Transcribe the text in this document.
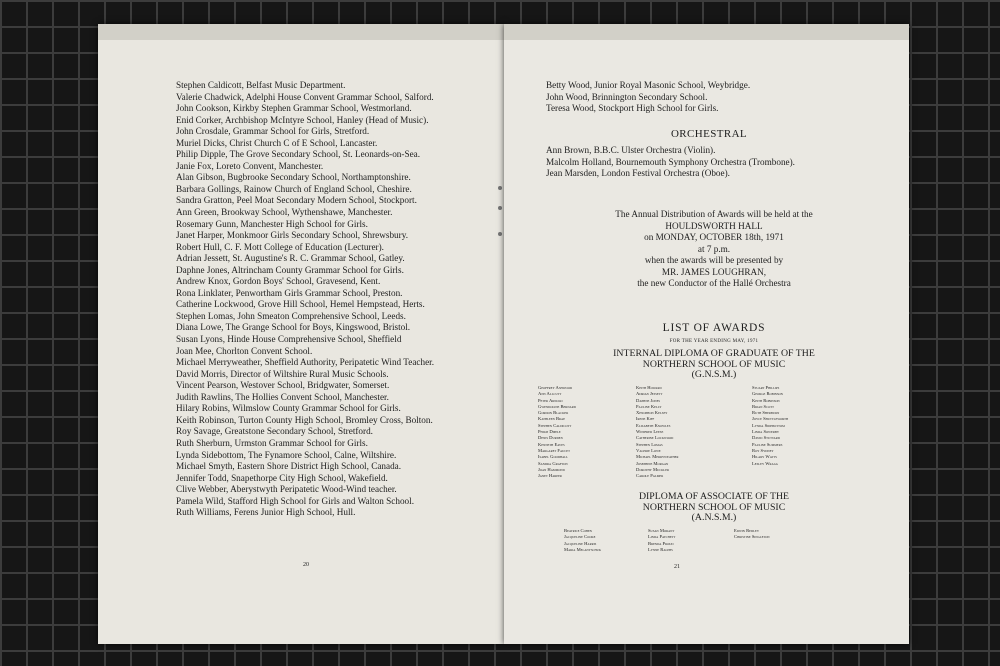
Stephen Caldicott, Belfast Music Department.
Valerie Chadwick, Adelphi House Convent Grammar School, Salford.
John Cookson, Kirkby Stephen Grammar School, Westmorland.
Enid Corker, Archbishop McIntyre School, Hanley (Head of Music).
John Crosdale, Grammar School for Girls, Stretford.
Muriel Dicks, Christ Church C of E School, Lancaster.
Philip Dipple, The Grove Secondary School, St. Leonards-on-Sea.
Janie Fox, Loreto Convent, Manchester.
Alan Gibson, Bugbrooke Secondary School, Northamptonshire.
Barbara Gollings, Rainow Church of England School, Cheshire.
Sandra Gratton, Peel Moat Secondary Modern School, Stockport.
Ann Green, Brookway School, Wythenshawe, Manchester.
Rosemary Gunn, Manchester High School for Girls.
Janet Harper, Monkmoor Girls Secondary School, Shrewsbury.
Robert Hull, C. F. Mott College of Education (Lecturer).
Adrian Jessett, St. Augustine's R. C. Grammar School, Gatley.
Daphne Jones, Altrincham County Grammar School for Girls.
Andrew Knox, Gordon Boys' School, Gravesend, Kent.
Rona Linklater, Penwortham Girls Grammar School, Preston.
Catherine Lockwood, Grove Hill School, Hemel Hempstead, Herts.
Stephen Lomas, John Smeaton Comprehensive School, Leeds.
Diana Lowe, The Grange School for Boys, Kingswood, Bristol.
Susan Lyons, Hinde House Comprehensive School, Sheffield
Joan Mee, Chorlton Convent School.
Michael Merryweather, Sheffield Authority, Peripatetic Wind Teacher.
David Morris, Director of Wiltshire Rural Music Schools.
Vincent Pearson, Westover School, Bridgwater, Somerset.
Judith Rawlins, The Hollies Convent School, Manchester.
Hilary Robins, Wilmslow County Grammar School for Girls.
Keith Robinson, Turton County High School, Bromley Cross, Bolton.
Roy Savage, Greatstone Secondary School, Stretford.
Ruth Sherburn, Urmston Grammar School for Girls.
Lynda Sidebottom, The Fynamore School, Calne, Wiltshire.
Michael Smyth, Eastern Shore District High School, Canada.
Jennifer Todd, Snapethorpe City High School, Wakefield.
Clive Webber, Aberystwyth Peripatetic Wood-Wind teacher.
Pamela Wild, Stafford High School for Girls and Walton School.
Ruth Williams, Ferens Junior High School, Hull.
20
Betty Wood, Junior Royal Masonic School, Weybridge.
John Wood, Brinnington Secondary School.
Teresa Wood, Stockport High School for Girls.
ORCHESTRAL
Ann Brown, B.B.C. Ulster Orchestra (Violin).
Malcolm Holland, Bournemouth Symphony Orchestra (Trombone).
Jean Marsden, London Festival Orchestra (Oboe).
The Annual Distribution of Awards will be held at the
HOULDSWORTH HALL
on MONDAY, OCTOBER 18th, 1971
at 7 p.m.
when the awards will be presented by
MR. JAMES LOUGHRAN,
the new Conductor of the Hallé Orchestra
LIST OF AWARDS
FOR THE YEAR ENDING MAY, 1971
INTERNAL DIPLOMA OF GRADUATE OF THE
NORTHERN SCHOOL OF MUSIC
(G.N.S.M.)
Geoffrey Ashwood
Ann Allcutt
Peter Arnold
Gwendoline Bernard
Gordon Blacker
Kathleen Brae
Stephen Caldicott
Philip Dipple
Denis Durden
Kenneth Eaves
Margaret Faucet
Isabel Goodhall
Sandra Grafton
Joan Hammond
Janet Harper
Keith Howard
Adrian Jessett
Daphne Jones
Pauline Kelly
Xenophon Kelsey
Irene Kiff
Elizabeth Knowles
Winifred Leese
Catherine Lockwood
Stephen Lomas
Valerie Lowe
Michael Merryweather
Josephine Morgan
Dorothy Muckler
Carole Palmer
Stuart Phillips
George Robinson
Keith Robinson
Brian Scott
Ruth Sherburn
Joyce Shuttleworth
Lynda Sidebottom
Linda Sowerby
David Stuttard
Pauline Summers
Roy Sydney
Hilary Watts
Lesley Wragg
DIPLOMA OF ASSOCIATE OF THE
NORTHERN SCHOOL OF MUSIC
(A.N.S.M.)
Beatrice Cohen
Jacqueline Cooke
Jacqueline Harris
Maria Melanyschuk
Susan Morant
Linda Patchett
Brenda Proud
Lynne Ralphs
Edwin Redley
Christine Singleton
21
